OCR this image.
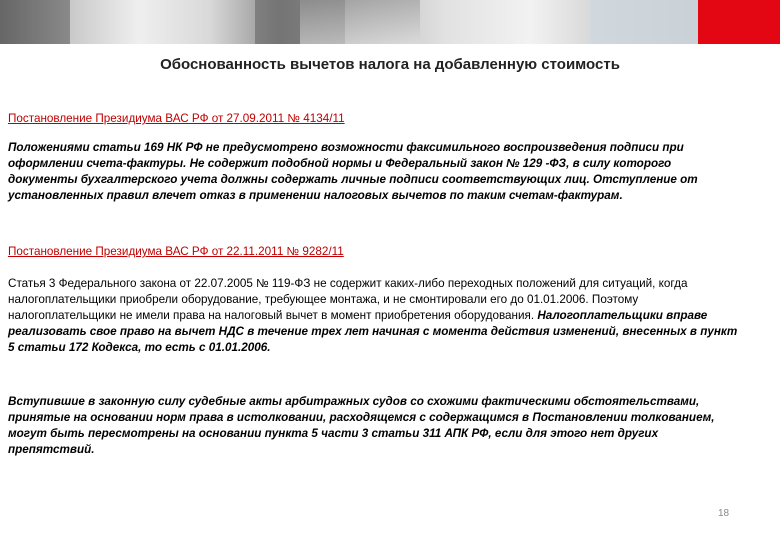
Обоснованность вычетов налога на добавленную стоимость
Постановление Президиума ВАС РФ от 27.09.2011 № 4134/11
Положениями статьи 169 НК РФ не предусмотрено возможности факсимильного воспроизведения подписи при оформлении счета-фактуры. Не содержит подобной нормы и Федеральный закон № 129 -ФЗ, в силу которого документы бухгалтерского учета должны содержать личные подписи соответствующих лиц. Отступление от установленных правил влечет отказ в применении налоговых вычетов по таким счетам-фактурам.
Постановление Президиума ВАС РФ от 22.11.2011 № 9282/11
Статья 3 Федерального закона от 22.07.2005 № 119-ФЗ не содержит каких-либо переходных положений для ситуаций, когда налогоплательщики приобрели оборудование, требующее монтажа, и не смонтировали его до 01.01.2006. Поэтому налогоплательщики не имели права на налоговый вычет в момент приобретения оборудования. Налогоплательщики вправе реализовать свое право на вычет НДС в течение трех лет начиная с момента действия изменений, внесенных в пункт 5 статьи 172 Кодекса, то есть с 01.01.2006.
Вступившие в законную силу судебные акты арбитражных судов со схожими фактическими обстоятельствами, принятые на основании норм права в истолковании, расходящемся с содержащимся в Постановлении толкованием, могут быть пересмотрены на основании пункта 5 части 3 статьи 311 АПК РФ, если для этого нет других препятствий.
18
